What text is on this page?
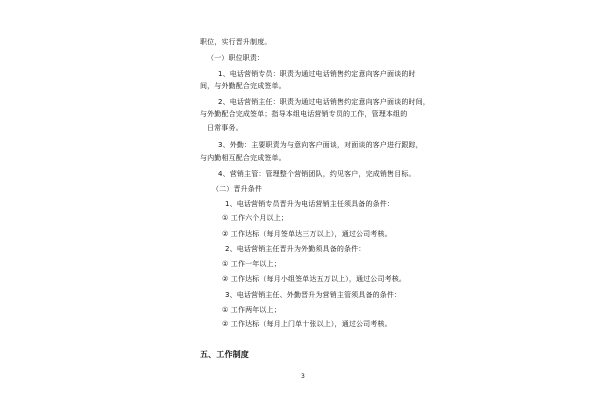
职位，实行晋升制度。
（一）职位职责：
1、电话营销专员：职责为通过电话销售约定意向客户面谈的时
间，与外勤配合完成签单。
2、电话营销主任：职责为通过电话销售约定意向客户面谈的时间，
与外勤配合完成签单；指导本组电话营销专员的工作，管理本组的
日常事务。
3、外勤：主要职责为与意向客户面谈，对面谈的客户进行跟踪，
与内勤相互配合完成签单。
4、营销主管：管理整个营销团队，约见客户，完成销售目标。
（二）晋升条件
1、电话营销专员晋升为电话营销主任须具备的条件：
① 工作六个月以上；
② 工作达标（每月签单达三万以上），通过公司考核。
2、电话营销主任晋升为外勤须具备的条件：
① 工作一年以上；
② 工作达标（每月小组签单达五万以上），通过公司考核。
3、电话营销主任、外勤晋升为营销主管须具备的条件：
① 工作两年以上；
② 工作达标（每月上门单十张以上），通过公司考核。
五、工作制度
3
